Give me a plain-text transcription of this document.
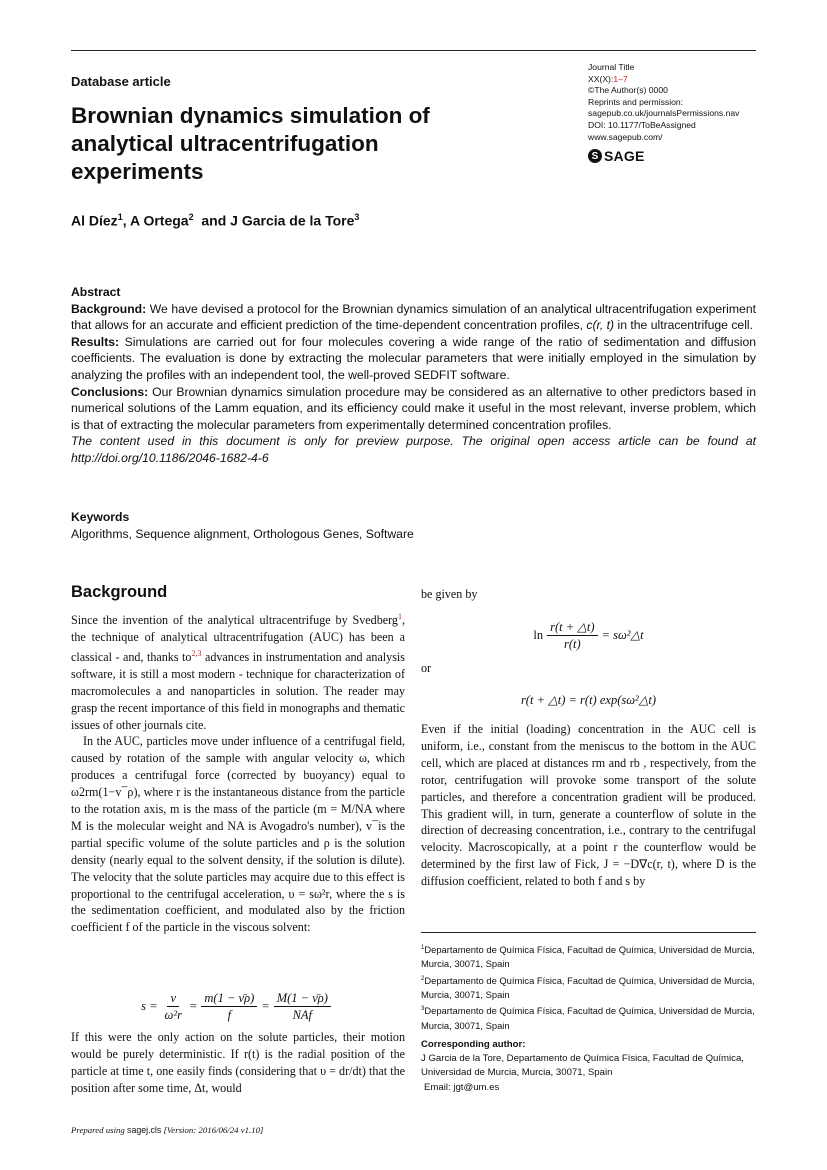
Database article
Brownian dynamics simulation of analytical ultracentrifugation experiments
Al Díez$^1$, A Ortega$^2$  and J Garcia de la Tore$^3$
Journal Title
XX(X):1–7
©The Author(s) 0000
Reprints and permission:
sagepub.co.uk/journalsPermissions.nav
DOI: 10.1177/ToBeAssigned
www.sagepub.com/
S SAGE
Abstract
Background: We have devised a protocol for the Brownian dynamics simulation of an analytical ultracentrifugation experiment that allows for an accurate and efficient prediction of the time-dependent concentration profiles, c(r, t) in the ultracentrifuge cell.
Results: Simulations are carried out for four molecules covering a wide range of the ratio of sedimentation and diffusion coefficients. The evaluation is done by extracting the molecular parameters that were initially employed in the simulation by analyzing the profiles with an independent tool, the well-proved SEDFIT software.
Conclusions: Our Brownian dynamics simulation procedure may be considered as an alternative to other predictors based in numerical solutions of the Lamm equation, and its efficiency could make it useful in the most relevant, inverse problem, which is that of extracting the molecular parameters from experimentally determined concentration profiles.
The content used in this document is only for preview purpose. The original open access article can be found at http://doi.org/10.1186/2046-1682-4-6
Keywords
Algorithms, Sequence alignment, Orthologous Genes, Software
Background

Since the invention of the analytical ultracentrifuge by Svedberg$^1$, the technique of analytical ultracentrifugation (AUC) has been a classical - and, thanks to$^{2,3}$ advances in instrumentation and analysis software, it is still a most modern - technique for characterization of macromolecules a and nanoparticles in solution. The reader may grasp the recent importance of this field in monographs and thematic issues of other journals cite.

In the AUC, particles move under influence of a centrifugal field, caused by rotation of the sample with angular velocity ω, which produces a centrifugal force (corrected by buoyancy) equal to ω2rm(1−v¯ρ), where r is the instantaneous distance from the particle to the rotation axis, m is the mass of the particle (m = M/NA where M is the molecular weight and NA is Avogadro's number), v¯is the partial specific volume of the solute particles and ρ is the solution density (nearly equal to the solvent density, if the solution is dilute). The velocity that the solute particles may acquire due to this effect is proportional to the centrifugal acceleration, υ = sω²r, where the s is the sedimentation coefficient, and modulated also by the friction coefficient f of the particle in the viscous solvent:

$s = \frac{\nu}{\text{ω²r}} = \frac{m(1 - \nū\rho)}{f} = \frac{M(1 - \nū\rho)}{\text{NAf}}$
If this were the only action on the solute particles, their motion would be purely deterministic. If r(t) is the radial position of the particle at time t, one easily finds (considering that υ = dr/dt) that the position after some time, Δt, would
be given by
$\ln \frac{r(t + \triangle t)}{r(t)}$ = sω²△t
or
r(t + △t) = r(t) exp(sω²△t)
Even if the initial (loading) concentration in the AUC cell is uniform, i.e., constant from the meniscus to the bottom in the AUC cell, which are placed at distances rm and rb , respectively, from the rotor, centrifugation will provoke some transport of the solute particles, and therefore a concentration gradient will be produced. This gradient will, in turn, generate a counterflow of solute in the direction of decreasing concentration, i.e., contrary to the centrifugal velocity. Macroscopically, at a point r the counterflow would be determined by the first law of Fick, J = −D∇c(r, t), where D is the diffusion coefficient, related to both f and s by
$^1$Departamento de Química Física, Facultad de Química, Universidad de Murcia, Murcia, 30071, Spain
$^2$Departamento de Química Física, Facultad de Química, Universidad de Murcia, Murcia, 30071, Spain
$^3$Departamento de Química Física, Facultad de Química, Universidad de Murcia, Murcia, 30071, Spain
Corresponding author:
J Garcia de la Tore, Departamento de Química Física, Facultad de Química, Universidad de Murcia, Murcia, 30071, Spain
Email: jgt@um.es
Prepared using sagej.cls [Version: 2016/06/24 v1.10]
